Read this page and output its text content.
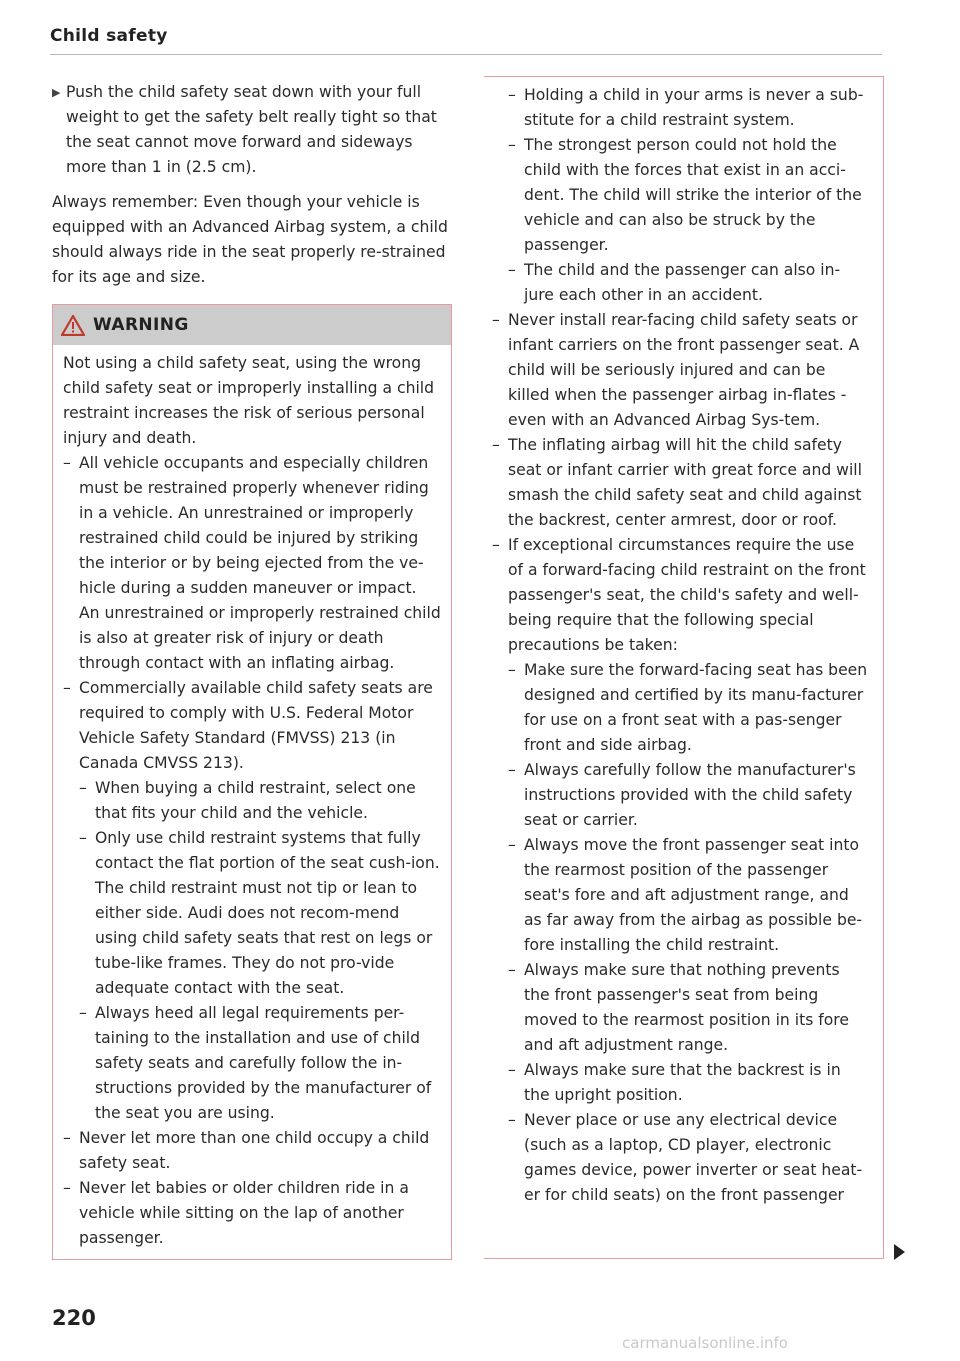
Child safety
▶ Push the child safety seat down with your full weight to get the safety belt really tight so that the seat cannot move forward and sideways more than 1 in (2.5 cm).

Always remember: Even though your vehicle is equipped with an Advanced Airbag system, a child should always ride in the seat properly re-strained for its age and size.

WARNING

Not using a child safety seat, using the wrong child safety seat or improperly installing a child restraint increases the risk of serious personal injury and death.

– All vehicle occupants and especially children must be restrained properly whenever riding in a vehicle. An unrestrained or improperly restrained child could be injured by striking the interior or by being ejected from the ve-hicle during a sudden maneuver or impact. An unrestrained or improperly restrained child is also at greater risk of injury or death through contact with an inflating airbag.
– Commercially available child safety seats are required to comply with U.S. Federal Motor Vehicle Safety Standard (FMVSS) 213 (in Canada CMVSS 213).
– When buying a child restraint, select one that fits your child and the vehicle.
– Only use child restraint systems that fully contact the flat portion of the seat cush-ion. The child restraint must not tip or lean to either side. Audi does not recom-mend using child safety seats that rest on legs or tube-like frames. They do not pro-vide adequate contact with the seat.
– Always heed all legal requirements per-taining to the installation and use of child safety seats and carefully follow the in-structions provided by the manufacturer of the seat you are using.
– Never let more than one child occupy a child safety seat.
– Never let babies or older children ride in a vehicle while sitting on the lap of another passenger.
– Holding a child in your arms is never a sub-stitute for a child restraint system.
– The strongest person could not hold the child with the forces that exist in an acci-dent. The child will strike the interior of the vehicle and can also be struck by the passenger.
– The child and the passenger can also in-jure each other in an accident.
– Never install rear-facing child safety seats or infant carriers on the front passenger seat. A child will be seriously injured and can be killed when the passenger airbag in-flates - even with an Advanced Airbag Sys-tem.
– The inflating airbag will hit the child safety seat or infant carrier with great force and will smash the child safety seat and child against the backrest, center armrest, door or roof.
– If exceptional circumstances require the use of a forward-facing child restraint on the front passenger's seat, the child's safety and well-being require that the following special precautions be taken:
– Make sure the forward-facing seat has been designed and certified by its manu-facturer for use on a front seat with a pas-senger front and side airbag.
– Always carefully follow the manufacturer's instructions provided with the child safety seat or carrier.
– Always move the front passenger seat into the rearmost position of the passenger seat's fore and aft adjustment range, and as far away from the airbag as possible be-fore installing the child restraint.
– Always make sure that nothing prevents the front passenger's seat from being moved to the rearmost position in its fore and aft adjustment range.
– Always make sure that the backrest is in the upright position.
– Never place or use any electrical device (such as a laptop, CD player, electronic games device, power inverter or seat heat-er for child seats) on the front passenger
220
carmanualsonline.info
